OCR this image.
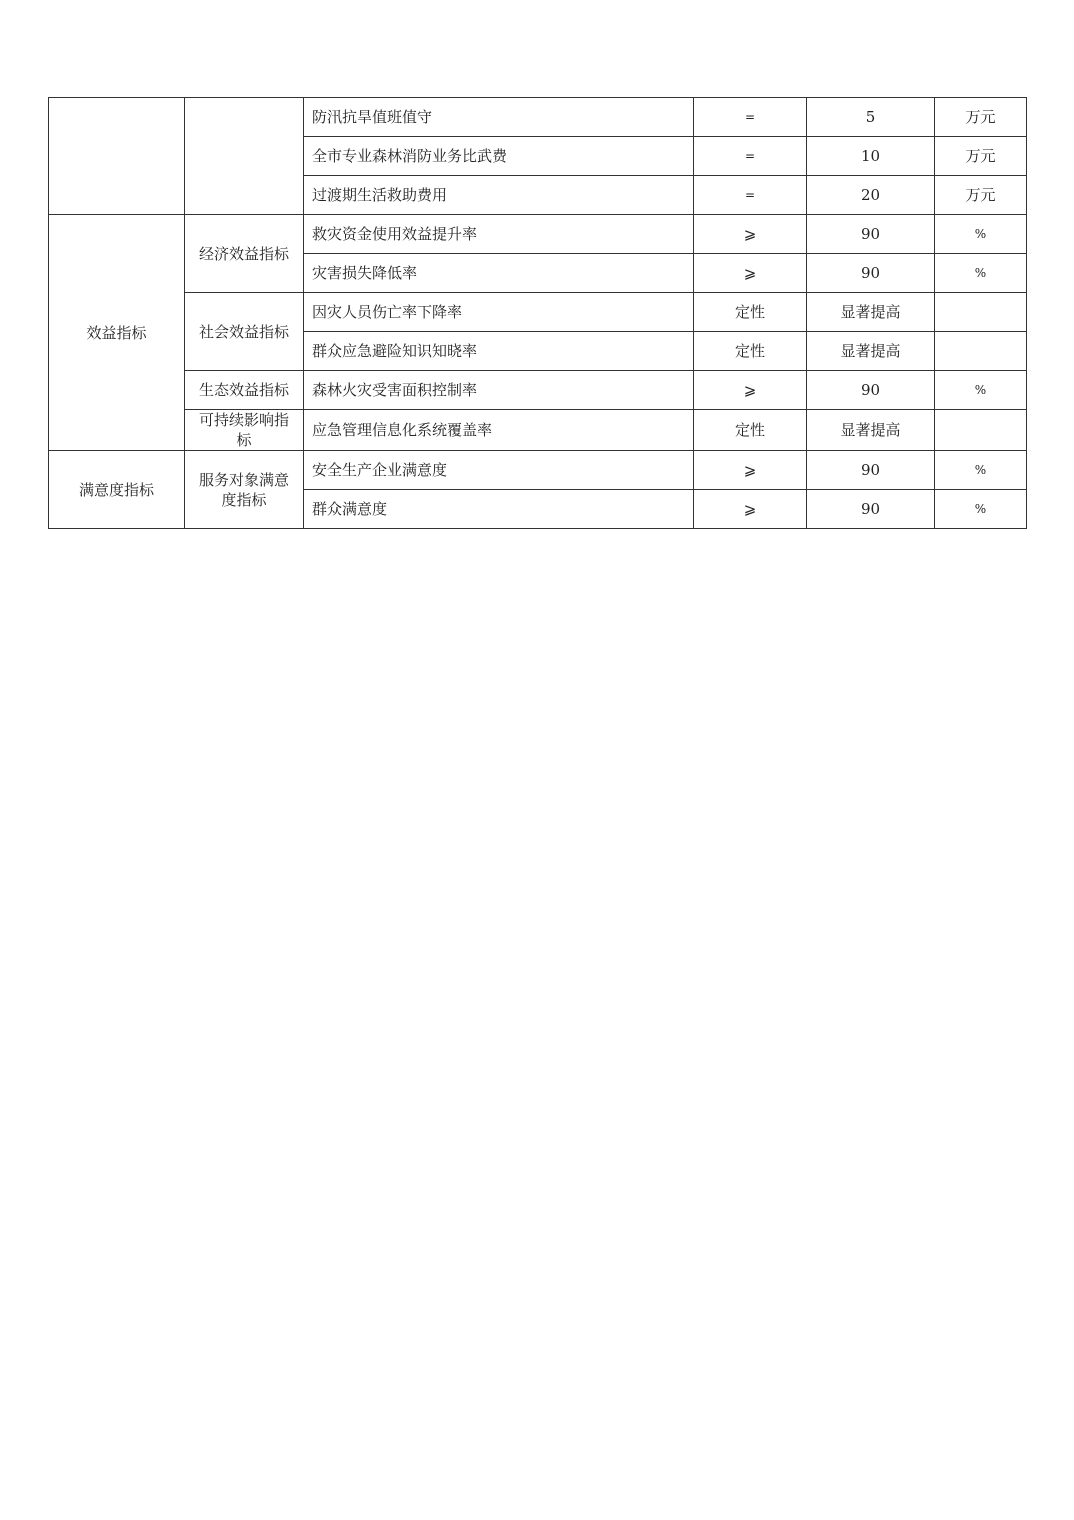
		防汛抗旱值班值守	=	5	万元
		全市专业森林消防业务比武费	=	10	万元
		过渡期生活救助费用	=	20	万元
效益指标	经济效益指标	救灾资金使用效益提升率	⩾	90	%
		灾害损失降低率	⩾	90	%
	社会效益指标	因灾人员伤亡率下降率	定性	显著提高	
		群众应急避险知识知晓率	定性	显著提高	
	生态效益指标	森林火灾受害面积控制率	⩾	90	%
	可持续影响指标	应急管理信息化系统覆盖率	定性	显著提高	
满意度指标	服务对象满意度指标	安全生产企业满意度	⩾	90	%
		群众满意度	⩾	90	%
